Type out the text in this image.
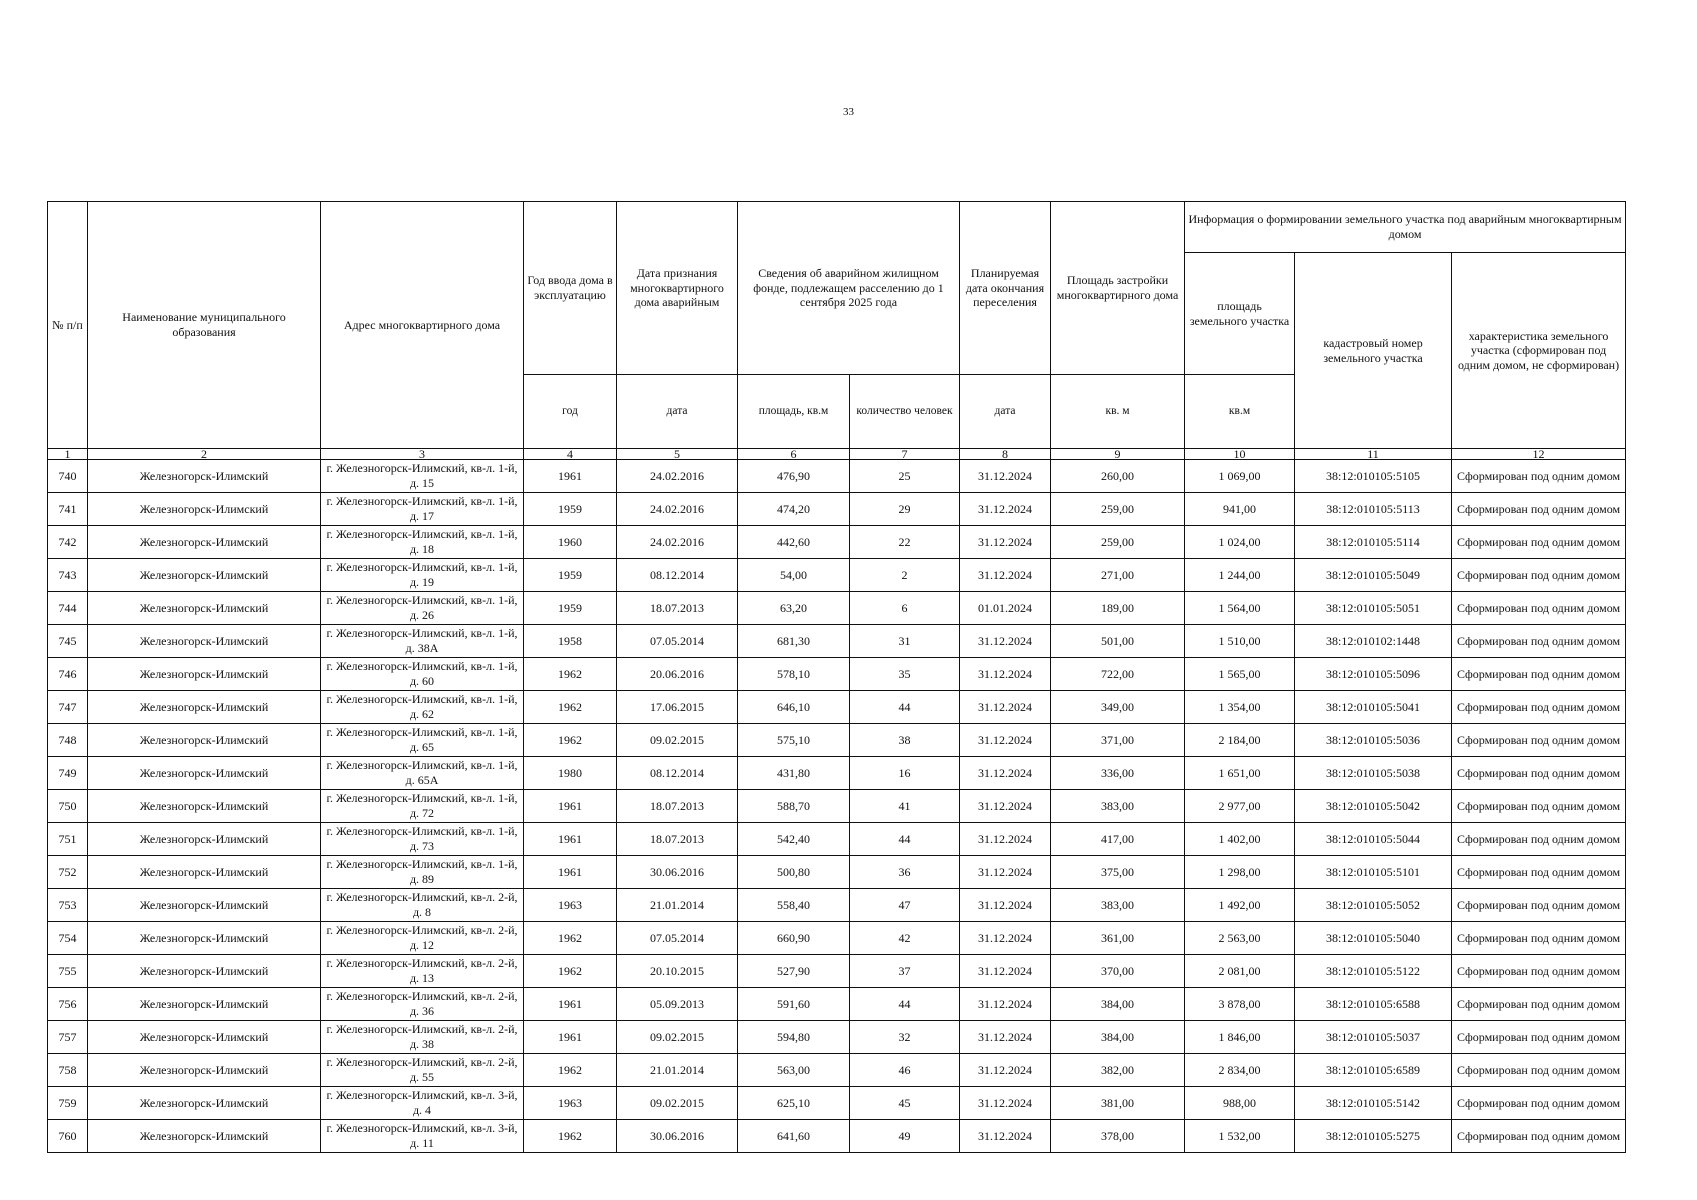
33
№ п/п	Наименование муниципального образования	Адрес многоквартирного дома	Год ввода дома в эксплуатацию	Дата признания многоквартирного дома аварийным	Сведения об аварийном жилищном фонде, подлежащем расселению до 1 сентября 2025 года		Планируемая дата окончания переселения	Площадь застройки многоквартирного дома	Информация о формировании земельного участка под аварийным многоквартирным домом		
									площадь земельного участка	кадастровый номер земельного участка	характеристика земельного участка (сформирован под одним домом, не сформирован)
			год	дата	площадь, кв.м	количество человек	дата	кв. м	кв.м		
1	2	3	4	5	6	7	8	9	10	11	12
740	Железногорск-Илимский	г. Железногорск-Илимский, кв-л. 1-й, д. 15	1961	24.02.2016	476,90	25	31.12.2024	260,00	1 069,00	38:12:010105:5105	Сформирован под одним домом
741	Железногорск-Илимский	г. Железногорск-Илимский, кв-л. 1-й, д. 17	1959	24.02.2016	474,20	29	31.12.2024	259,00	941,00	38:12:010105:5113	Сформирован под одним домом
742	Железногорск-Илимский	г. Железногорск-Илимский, кв-л. 1-й, д. 18	1960	24.02.2016	442,60	22	31.12.2024	259,00	1 024,00	38:12:010105:5114	Сформирован под одним домом
743	Железногорск-Илимский	г. Железногорск-Илимский, кв-л. 1-й, д. 19	1959	08.12.2014	54,00	2	31.12.2024	271,00	1 244,00	38:12:010105:5049	Сформирован под одним домом
744	Железногорск-Илимский	г. Железногорск-Илимский, кв-л. 1-й, д. 26	1959	18.07.2013	63,20	6	01.01.2024	189,00	1 564,00	38:12:010105:5051	Сформирован под одним домом
745	Железногорск-Илимский	г. Железногорск-Илимский, кв-л. 1-й, д. 38А	1958	07.05.2014	681,30	31	31.12.2024	501,00	1 510,00	38:12:010102:1448	Сформирован под одним домом
746	Железногорск-Илимский	г. Железногорск-Илимский, кв-л. 1-й, д. 60	1962	20.06.2016	578,10	35	31.12.2024	722,00	1 565,00	38:12:010105:5096	Сформирован под одним домом
747	Железногорск-Илимский	г. Железногорск-Илимский, кв-л. 1-й, д. 62	1962	17.06.2015	646,10	44	31.12.2024	349,00	1 354,00	38:12:010105:5041	Сформирован под одним домом
748	Железногорск-Илимский	г. Железногорск-Илимский, кв-л. 1-й, д. 65	1962	09.02.2015	575,10	38	31.12.2024	371,00	2 184,00	38:12:010105:5036	Сформирован под одним домом
749	Железногорск-Илимский	г. Железногорск-Илимский, кв-л. 1-й, д. 65А	1980	08.12.2014	431,80	16	31.12.2024	336,00	1 651,00	38:12:010105:5038	Сформирован под одним домом
750	Железногорск-Илимский	г. Железногорск-Илимский, кв-л. 1-й, д. 72	1961	18.07.2013	588,70	41	31.12.2024	383,00	2 977,00	38:12:010105:5042	Сформирован под одним домом
751	Железногорск-Илимский	г. Железногорск-Илимский, кв-л. 1-й, д. 73	1961	18.07.2013	542,40	44	31.12.2024	417,00	1 402,00	38:12:010105:5044	Сформирован под одним домом
752	Железногорск-Илимский	г. Железногорск-Илимский, кв-л. 1-й, д. 89	1961	30.06.2016	500,80	36	31.12.2024	375,00	1 298,00	38:12:010105:5101	Сформирован под одним домом
753	Железногорск-Илимский	г. Железногорск-Илимский, кв-л. 2-й, д. 8	1963	21.01.2014	558,40	47	31.12.2024	383,00	1 492,00	38:12:010105:5052	Сформирован под одним домом
754	Железногорск-Илимский	г. Железногорск-Илимский, кв-л. 2-й, д. 12	1962	07.05.2014	660,90	42	31.12.2024	361,00	2 563,00	38:12:010105:5040	Сформирован под одним домом
755	Железногорск-Илимский	г. Железногорск-Илимский, кв-л. 2-й, д. 13	1962	20.10.2015	527,90	37	31.12.2024	370,00	2 081,00	38:12:010105:5122	Сформирован под одним домом
756	Железногорск-Илимский	г. Железногорск-Илимский, кв-л. 2-й, д. 36	1961	05.09.2013	591,60	44	31.12.2024	384,00	3 878,00	38:12:010105:6588	Сформирован под одним домом
757	Железногорск-Илимский	г. Железногорск-Илимский, кв-л. 2-й, д. 38	1961	09.02.2015	594,80	32	31.12.2024	384,00	1 846,00	38:12:010105:5037	Сформирован под одним домом
758	Железногорск-Илимский	г. Железногорск-Илимский, кв-л. 2-й, д. 55	1962	21.01.2014	563,00	46	31.12.2024	382,00	2 834,00	38:12:010105:6589	Сформирован под одним домом
759	Железногорск-Илимский	г. Железногорск-Илимский, кв-л. 3-й, д. 4	1963	09.02.2015	625,10	45	31.12.2024	381,00	988,00	38:12:010105:5142	Сформирован под одним домом
760	Железногорск-Илимский	г. Железногорск-Илимский, кв-л. 3-й, д. 11	1962	30.06.2016	641,60	49	31.12.2024	378,00	1 532,00	38:12:010105:5275	Сформирован под одним домом
